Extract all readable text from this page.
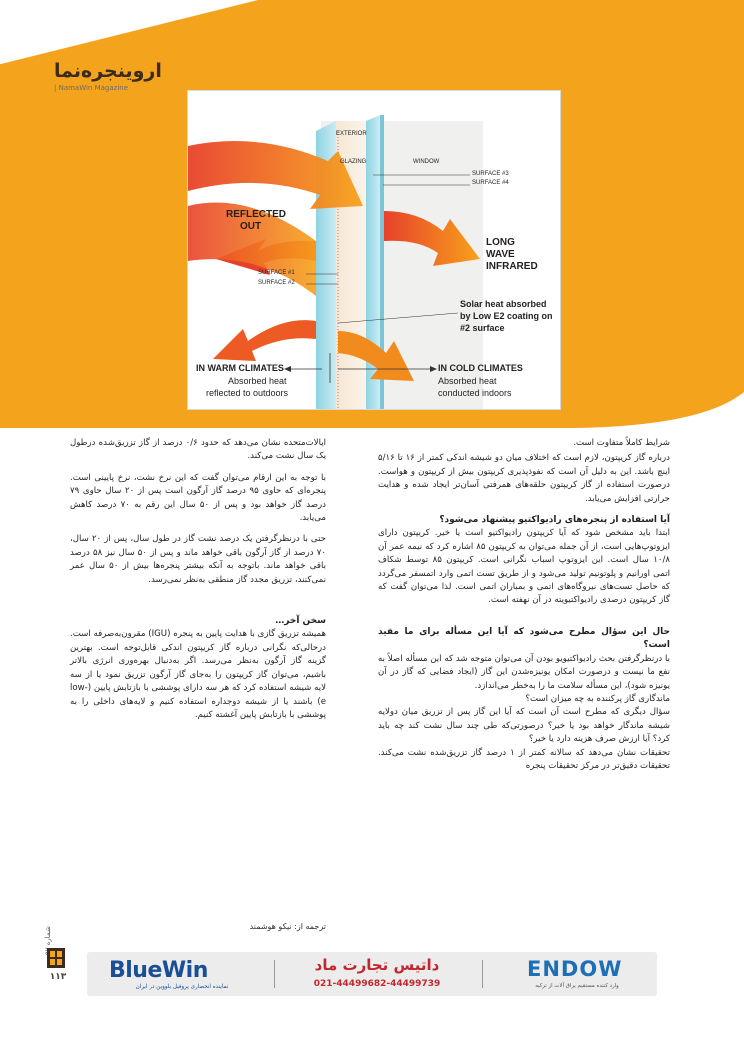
اروینجره‌نما
| NamaWin Magazine
EXTERIOR
GLAZING	WINDOW
SURFACE #3
SURFACE #4
REFLECTED
OUT
LONG
WAVE
INFRARED
SURFACE #1
SURFACE #2
Solar heat absorbed
by Low E2 coating on
#2 surface
IN WARM CLIMATES
Absorbed heat
reflected to outdoors
IN COLD CLIMATES
Absorbed heat
conducted indoors

شرایط کاملاً متفاوت است.

درباره گاز کریپتون، لازم است که اختلاف میان دو شیشه اندکی کمتر از ۱۶ تا ۵/۱۶ اینچ باشد. این به دلیل آن است که نفوذپذیری کریپتون بیش از کریپتون و هواست. درصورت استفاده از گاز کریپتون حلقه‌های همرفتی آسان‌تر ایجاد شده و هدایت حرارتی افزایش می‌یابد.

آیا استفاده از پنجره‌های رادیواکتیو پیشنهاد می‌شود؟

ابتدا باید مشخص شود که آیا کریپتون رادیواکتیو است یا خیر. کریپتون دارای ایزوتوپ‌هایی است، از آن جمله می‌توان به کریپتون ۸۵ اشاره کرد که نیمه عمر آن ۱۰/۸ سال است. این ایزوتوپ اسباب نگرانی است. کریپتون ۸۵ توسط شکاف اتمی اورانیم و پلوتونیم تولید می‌شود و از طریق تست اتمی وارد اتمسفر می‌گردد که حاصل تست‌های نیروگاه‌های اتمی و بمباران اتمی است. لذا می‌توان گفت که گاز کریپتون درصدی رادیواکتیویته در آن نهفته است.

حال این سؤال مطرح می‌شود که آیا این مسأله برای ما مفید است؟

با درنظرگرفتن بحث رادیواکتیویو بودن آن می‌توان متوجه شد که این مسأله اصلاً به نفع ما نیست و درصورت امکان یونیزه‌شدن این گاز (ایجاد فضایی که گاز در آن یونیزه شود)، این مسأله سلامت ما را به‌خطر می‌اندازد.

ماندگاری گاز پرکننده به چه میزان است؟

سؤال دیگری که مطرح است آن است که آیا این گاز پس از تزریق میان دولایه شیشه ماندگار خواهد بود یا خیر؟ درصورتی‌که طی چند سال نشت کند چه باید کرد؟ آیا ارزش صرف هزینه دارد یا خیر؟

تحقیقات نشان می‌دهد که سالانه کمتر از ۱ درصد گاز تزریق‌شده نشت می‌کند. تحقیقات دقیق‌تر در مرکز تحقیقات پنجره

ایالات‌متحده نشان می‌دهد که حدود ۰/۶ درصد از گاز تزریق‌شده درطول یک سال نشت می‌کند.

با توجه به این ارقام می‌توان گفت که این نرخ نشت، نرخ پایینی است. پنجره‌ای که حاوی ۹۵ درصد گاز آرگون است پس از ۲۰ سال حاوی ۷۹ درصد گاز خواهد بود و پس از ۵۰ سال این رقم به ۷۰ درصد کاهش می‌یابد.

حتی با درنظرگرفتن یک درصد نشت گاز در طول سال، پس از ۲۰ سال، ۷۰ درصد از گاز آرگون باقی خواهد ماند و پس از ۵۰ سال نیز ۵۸ درصد باقی خواهد ماند. باتوجه به آنکه بیشتر پنجره‌ها بیش از ۵۰ سال عمر نمی‌کنند، تزریق مجدد گاز منطقی به‌نظر نمی‌رسد.

سخن آخر…

همیشه تزریق گازی با هدایت پایین به پنجره (IGU) مقرون‌به‌صرفه است. درحالی‌که نگرانی درباره گاز کریپتون اندکی قابل‌توجه است. بهترین گزینه گاز آرگون به‌نظر می‌رسد. اگر به‌دنبال بهره‌وری انرژی بالاتر باشیم، می‌توان گاز کریپتون را به‌جای گاز آرگون تزریق نمود یا از سه لایه شیشه استفاده کرد که هر سه دارای پوششی با بازتابش پایین (low-e) باشند یا از شیشه دوجداره استفاده کنیم و لایه‌های داخلی را به پوششی با بازتابش پایین آغشته کنیم.

ترجمه از: نیکو هوشمند
شماره
۱۱۳ BlueWin
نماینده انحصاری پروفیل بلووین در ایران
داتیس تجارت ماد
021-44499682-44499739
ENDOW
وارد کننده مستقیم یراق آلات از ترکیه
